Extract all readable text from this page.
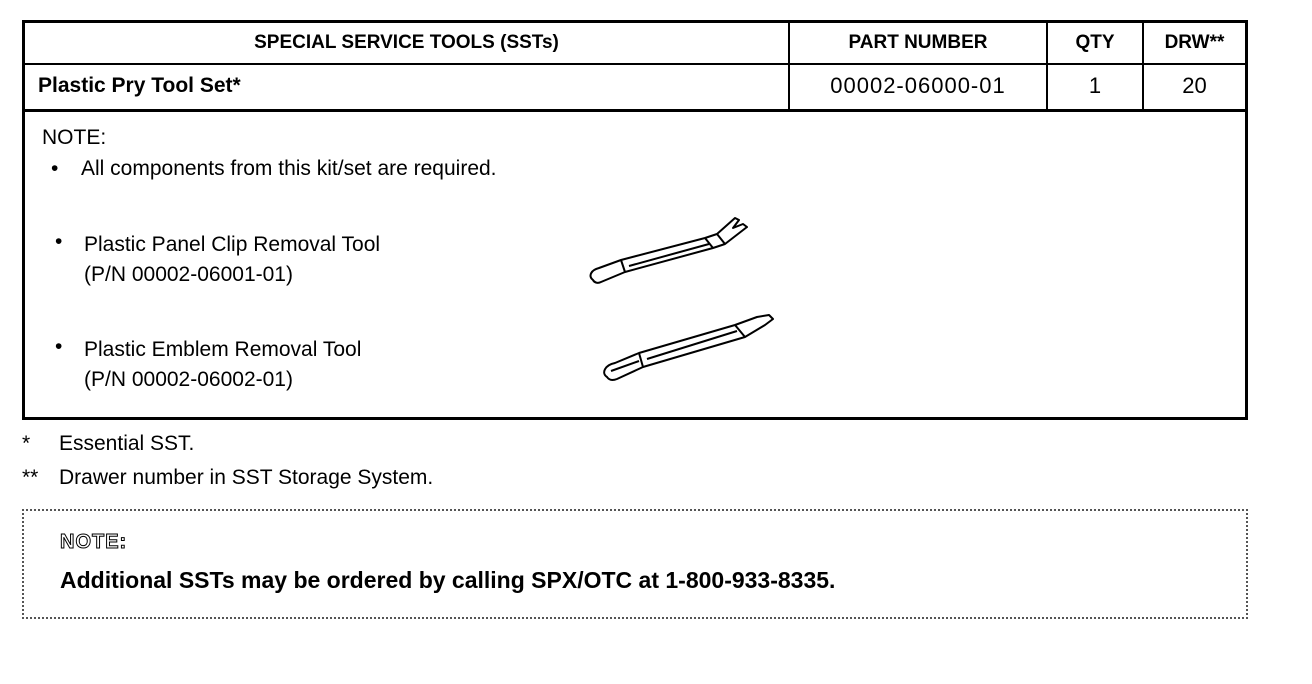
SPECIAL SERVICE TOOLS (SSTs)	PART NUMBER	QTY	DRW**
Plastic Pry Tool Set*	00002-06000-01	1	20
NOTE:
• All components from this kit/set are required.
• Plastic Panel Clip Removal Tool
(P/N 00002-06001-01)
• Plastic Emblem Removal Tool
(P/N 00002-06002-01)
*	Essential SST.
** Drawer number in SST Storage System.
NOTE:
Additional SSTs may be ordered by calling SPX/OTC at 1-800-933-8335.
